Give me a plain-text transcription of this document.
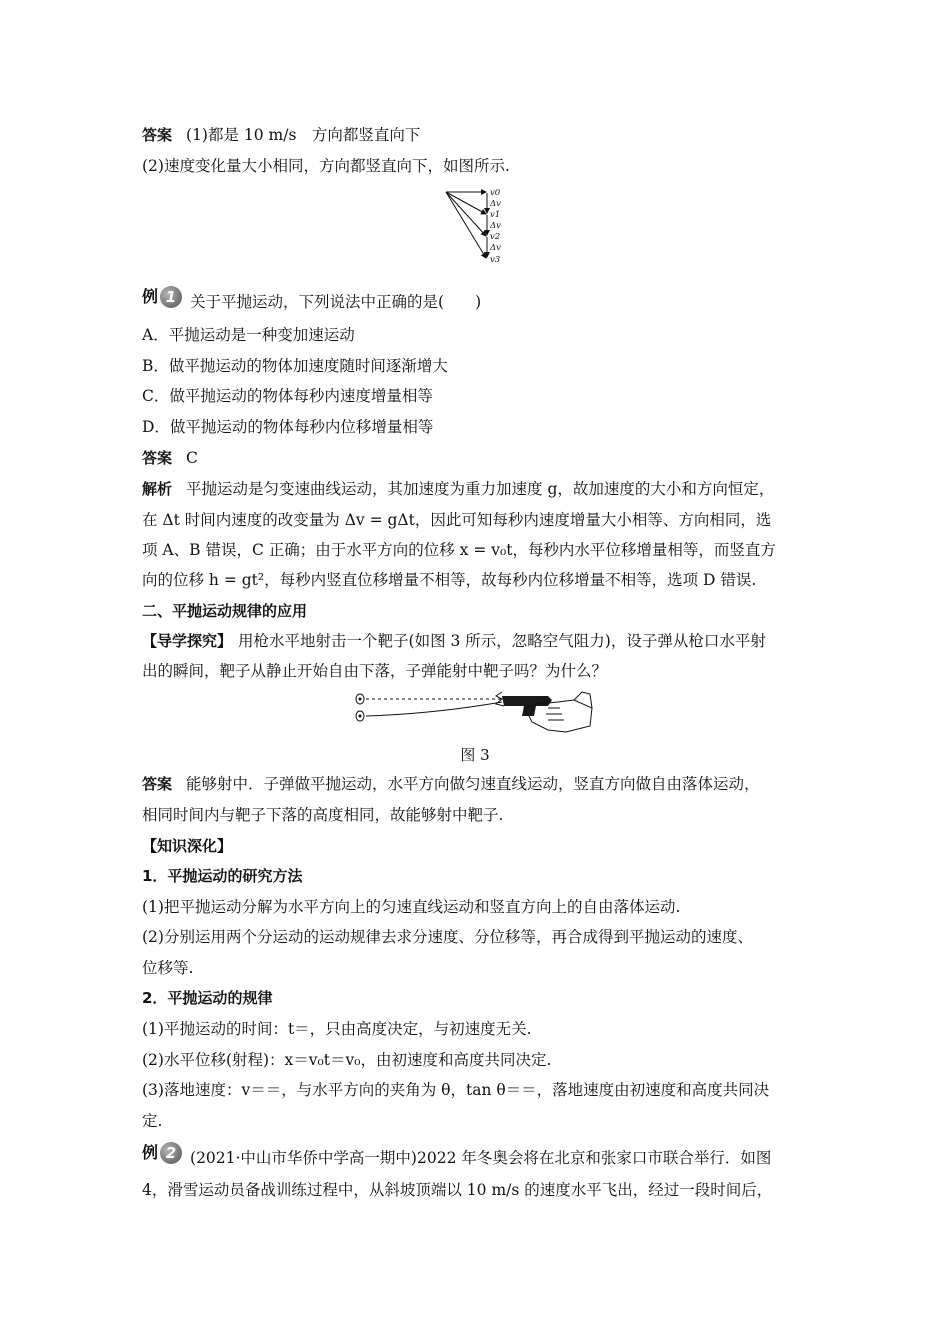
答案 (1)都是 10 m/s　方向都竖直向下
(2)速度变化量大小相同，方向都竖直向下，如图所示.
v0
Δv
v1
Δv
v2
Δv
v3
例 1 关于平抛运动，下列说法中正确的是(　　)
A．平抛运动是一种变加速运动
B．做平抛运动的物体加速度随时间逐渐增大
C．做平抛运动的物体每秒内速度增量相等
D．做平抛运动的物体每秒内位移增量相等
答案 C
解析 平抛运动是匀变速曲线运动，其加速度为重力加速度 g，故加速度的大小和方向恒定，
在 Δt 时间内速度的改变量为 Δv = gΔt，因此可知每秒内速度增量大小相等、方向相同，选
项 A、B 错误，C 正确；由于水平方向的位移 x = v₀t，每秒内水平位移增量相等，而竖直方
向的位移 h = gt²，每秒内竖直位移增量不相等，故每秒内位移增量不相等，选项 D 错误.
二、平抛运动规律的应用
【导学探究】 用枪水平地射击一个靶子(如图 3 所示，忽略空气阻力)，设子弹从枪口水平射
出的瞬间，靶子从静止开始自由下落，子弹能射中靶子吗？为什么？
图 3
答案 能够射中．子弹做平抛运动，水平方向做匀速直线运动，竖直方向做自由落体运动，
相同时间内与靶子下落的高度相同，故能够射中靶子.
【知识深化】
1．平抛运动的研究方法
(1)把平抛运动分解为水平方向上的匀速直线运动和竖直方向上的自由落体运动.
(2)分别运用两个分运动的运动规律去求分速度、分位移等，再合成得到平抛运动的速度、
位移等.
2．平抛运动的规律
(1)平抛运动的时间：t＝，只由高度决定，与初速度无关.
(2)水平位移(射程)：x＝v₀t＝v₀，由初速度和高度共同决定.
(3)落地速度：v＝＝，与水平方向的夹角为 θ，tan θ＝＝，落地速度由初速度和高度共同决
定.
例 2 (2021·中山市华侨中学高一期中)2022 年冬奥会将在北京和张家口市联合举行．如图
4，滑雪运动员备战训练过程中，从斜坡顶端以 10 m/s 的速度水平飞出，经过一段时间后，
